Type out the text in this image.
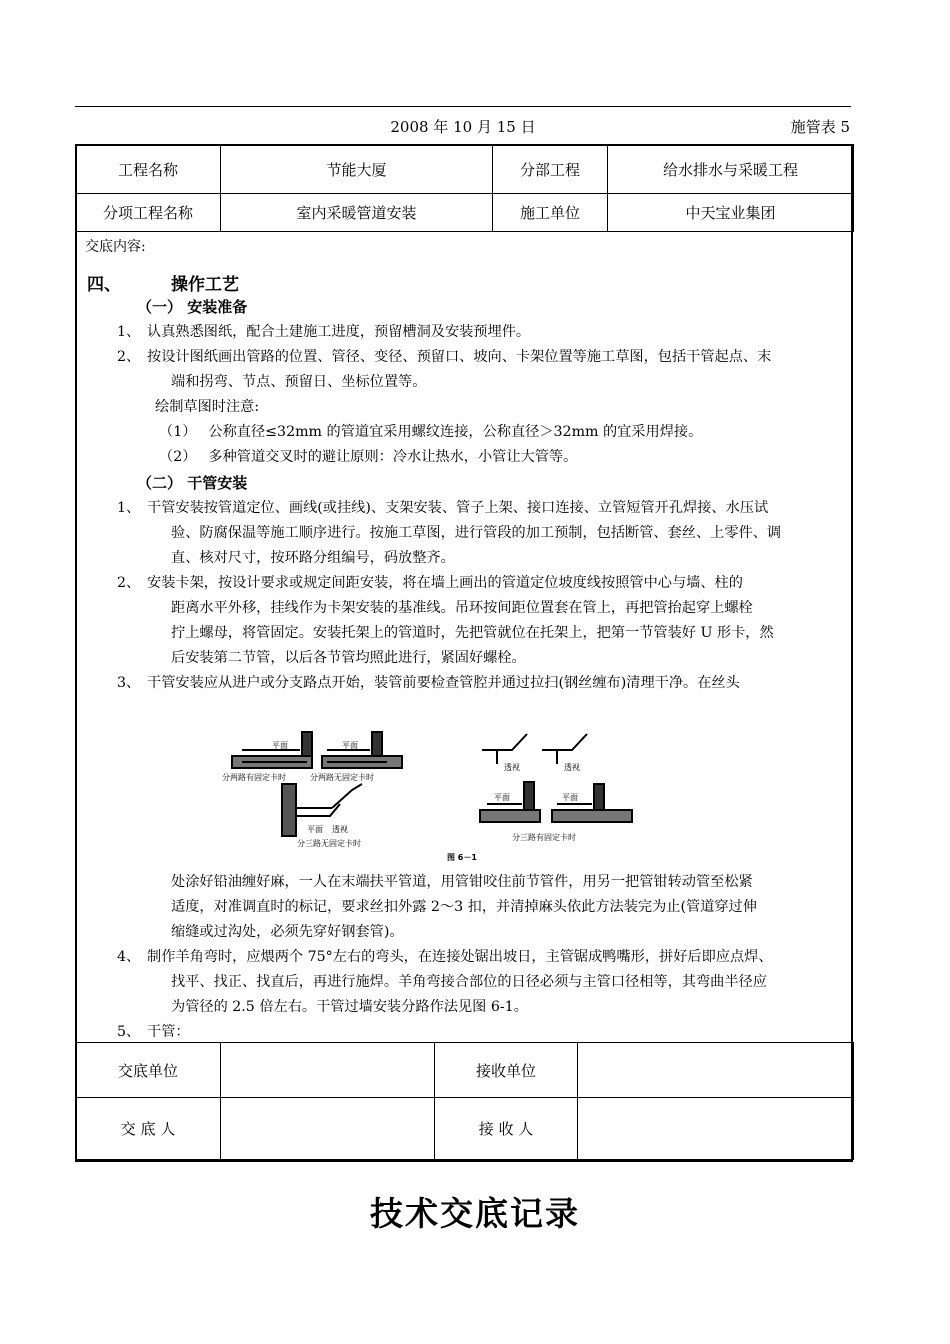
2008 年 10 月 15 日	施管表 5
工程名称	节能大厦	分部工程	给水排水与采暖工程
分项工程名称	室内采暖管道安装	施工单位	中天宝业集团
交底内容:
四、	操作工艺
（一） 安装准备
1、 认真熟悉图纸，配合土建施工进度，预留槽洞及安装预埋件。
2、 按设计图纸画出管路的位置、管径、变径、预留口、坡向、卡架位置等施工草图，包括干管起点、末
端和拐弯、节点、预留日、坐标位置等。
绘制草图时注意:
（1） 公称直径≤32mm 的管道宜采用螺纹连接，公称直径＞32mm 的宜采用焊接。
（2） 多种管道交叉时的避让原则：冷水让热水，小管让大管等。
（二） 干管安装
1、 干管安装按管道定位、画线(或挂线)、支架安装、管子上架、接口连接、立管短管开孔焊接、水压试
验、防腐保温等施工顺序进行。按施工草图，进行管段的加工预制，包括断管、套丝、上零件、调
直、核对尺寸，按环路分组编号，码放整齐。
2、 安装卡架，按设计要求或规定间距安装，将在墙上画出的管道定位坡度线按照管中心与墙、柱的
距离水平外移，挂线作为卡架安装的基准线。吊环按间距位置套在管上，再把管抬起穿上螺栓
拧上螺母，将管固定。安装托架上的管道时，先把管就位在托架上，把第一节管装好 U 形卡，然
后安装第二节管，以后各节管均照此进行，紧固好螺栓。
3、 干管安装应从进户或分支路点开始，装管前要检查管腔并通过拉扫(钢丝缠布)清理干净。在丝头
平面	平面
分两路有固定卡时	分两路无固定卡时
透视	透视
平面 透视
分三路无固定卡时
平面	平面
分三路有固定卡时
图 6－1
处涂好铅油缠好麻，一人在末端扶平管道，用管钳咬住前节管件，用另一把管钳转动管至松紧
适度，对准调直时的标记，要求丝扣外露 2～3 扣，并清掉麻头依此方法装完为止(管道穿过伸
缩缝或过沟处，必须先穿好钢套管)。
4、 制作羊角弯时，应煨两个 75°左右的弯头，在连接处锯出坡日，主管锯成鸭嘴形，拼好后即应点焊、
找平、找正、找直后，再进行施焊。羊角弯接合部位的日径必须与主管口径相等，其弯曲半径应
为管径的 2.5 倍左右。干管过墙安装分路作法见图 6-1。
5、 干管：
交底单位		接收单位	
交 底 人		接 收 人	
技术交底记录
